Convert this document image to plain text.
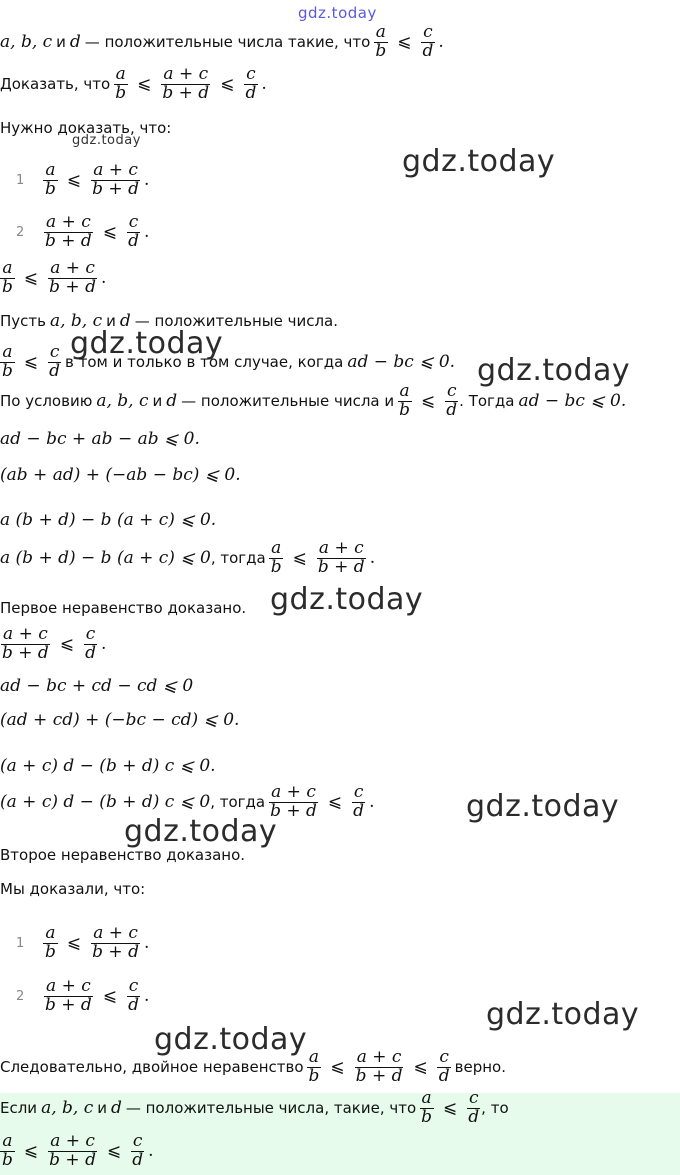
gdz.today
gdz.today
gdz.today
gdz.today
gdz.today
gdz.today
gdz.today
gdz.today
gdz.today
gdz.today
a, b, c и d — положительные числа такие, что $\frac{a}{b}$ ⩽ $\frac{c}{d}$ .
Доказать, что $\frac{a}{b}$ ⩽ $\frac{a + c}{b + d}$ ⩽ $\frac{c}{d}$ .
Нужно доказать, что:
1	$\frac{a}{b}$ ⩽ $\frac{a + c}{b + d}$ .
2	$\frac{a + c}{b + d}$ ⩽ $\frac{c}{d}$ .
$\frac{a}{b}$ ⩽ $\frac{a + c}{b + d}$ .
Пусть a, b, c и d — положительные числа.
$\frac{a}{b}$ ⩽ $\frac{c}{d}$ в том и только в том случае, когда ad − bc ⩽ 0.
По условию a, b, c и d — положительные числа и $\frac{a}{b}$ ⩽ $\frac{c}{d}$ . Тогда ad − bc ⩽ 0.
ad − bc + ab − ab ⩽ 0.
(ab + ad) + (−ab − bc) ⩽ 0.
a (b + d) − b (a + c) ⩽ 0.
a (b + d) − b (a + c) ⩽ 0 , тогда $\frac{a}{b}$ ⩽ $\frac{a + c}{b + d}$ .
Первое неравенство доказано.
$\frac{a + c}{b + d}$ ⩽ $\frac{c}{d}$ .
ad − bc + cd − cd ⩽ 0
(ad + cd) + (−bc − cd) ⩽ 0.
(a + c) d − (b + d) c ⩽ 0.
(a + c) d − (b + d) c ⩽ 0 , тогда $\frac{a + c}{b + d}$ ⩽ $\frac{c}{d}$ .
Второе неравенство доказано.
Мы доказали, что:
1	$\frac{a}{b}$ ⩽ $\frac{a + c}{b + d}$ .
2	$\frac{a + c}{b + d}$ ⩽ $\frac{c}{d}$ .
Следовательно, двойное неравенство $\frac{a}{b}$ ⩽ $\frac{a + c}{b + d}$ ⩽ $\frac{c}{d}$ верно.
Если a, b, c и d — положительные числа, такие, что $\frac{a}{b}$ ⩽ $\frac{c}{d}$ , то
$\frac{a}{b}$ ⩽ $\frac{a + c}{b + d}$ ⩽ $\frac{c}{d}$ .
